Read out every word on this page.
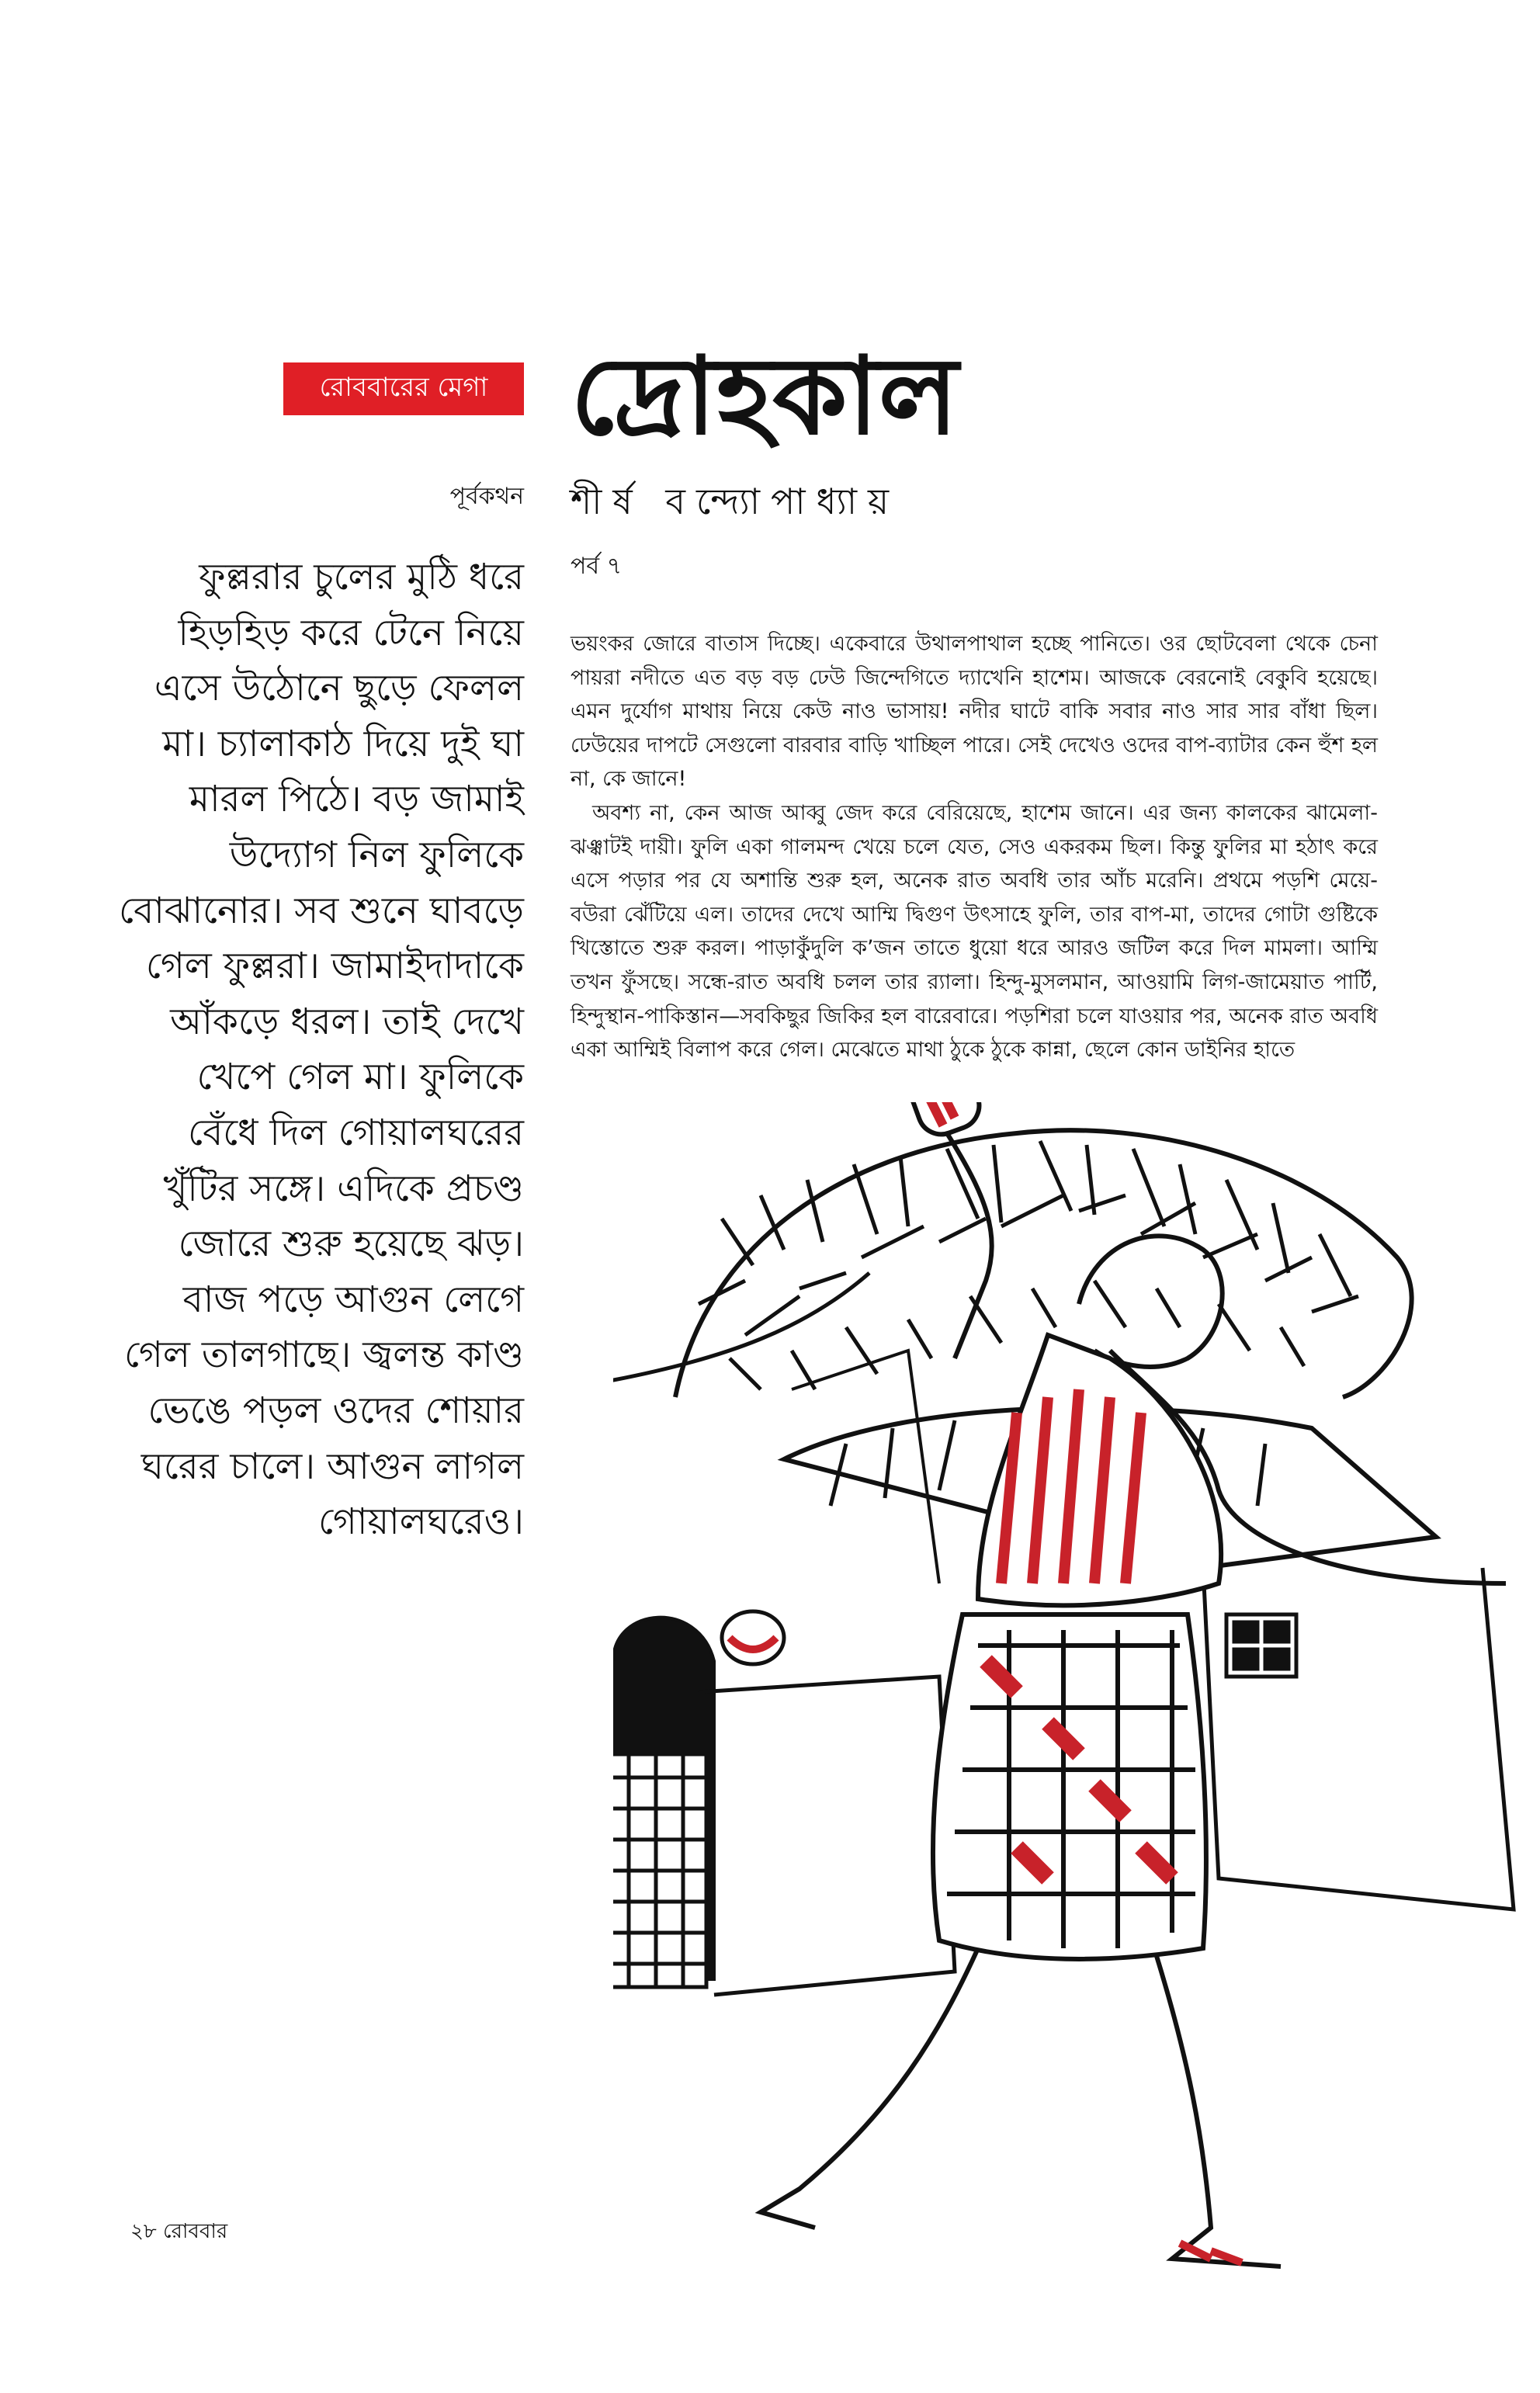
রোববারের মেগা দ্রোহকাল
শীর্ষ বন্দ্যোপাধ্যায়
পর্ব ৭
পূর্বকথন

ফুল্লরার চুলের মুঠি ধরে হিড়হিড় করে টেনে নিয়ে এসে উঠোনে ছুড়ে ফেলল মা। চ্যালাকাঠ দিয়ে দুই ঘা মারল পিঠে। বড় জামাই উদ্যোগ নিল ফুলিকে বোঝানোর। সব শুনে ঘাবড়ে গেল ফুল্লরা। জামাইদাদাকে আঁকড়ে ধরল। তাই দেখে খেপে গেল মা। ফুলিকে বেঁধে দিল গোয়ালঘরের খুঁটির সঙ্গে। এদিকে প্রচণ্ড জোরে শুরু হয়েছে ঝড়। বাজ পড়ে আগুন লেগে গেল তালগাছে। জ্বলন্ত কাণ্ড ভেঙে পড়ল ওদের শোয়ার ঘরের চালে। আগুন লাগল গোয়ালঘরেও।

ভয়ংকর জোরে বাতাস দিচ্ছে। একেবারে উথালপাথাল হচ্ছে পানিতে। ওর ছোটবেলা থেকে চেনা পায়রা নদীতে এত বড় বড় ঢেউ জিন্দেগিতে দ্যাখেনি হাশেম। আজকে বেরনোই বেকুবি হয়েছে। এমন দুর্যোগ মাথায় নিয়ে কেউ নাও ভাসায়! নদীর ঘাটে বাকি সবার নাও সার সার বাঁধা ছিল। ঢেউয়ের দাপটে সেগুলো বারবার বাড়ি খাচ্ছিল পারে। সেই দেখেও ওদের বাপ-ব্যাটার কেন হুঁশ হল না, কে জানে!

অবশ্য না, কেন আজ আব্বু জেদ করে বেরিয়েছে, হাশেম জানে। এর জন্য কালকের ঝামেলা-ঝঞ্ঝাটই দায়ী। ফুলি একা গালমন্দ খেয়ে চলে যেত, সেও একরকম ছিল। কিন্তু ফুলির মা হঠাৎ করে এসে পড়ার পর যে অশান্তি শুরু হল, অনেক রাত অবধি তার আঁচ মরেনি। প্রথমে পড়শি মেয়ে-বউরা ঝেঁটিয়ে এল। তাদের দেখে আম্মি দ্বিগুণ উৎসাহে ফুলি, তার বাপ-মা, তাদের গোটা গুষ্টিকে খিস্তোতে শুরু করল। পাড়াকুঁদুলি ক’জন তাতে ধুয়ো ধরে আরও জটিল করে দিল মামলা। আম্মি তখন ফুঁসছে। সন্ধে-রাত অবধি চলল তার র‌্যালা। হিন্দু-মুসলমান, আওয়ামি লিগ-জামেয়াত পার্টি, হিন্দুস্থান-পাকিস্তান—সবকিছুর জিকির হল বারেবারে। পড়শিরা চলে যাওয়ার পর, অনেক রাত অবধি একা আম্মিই বিলাপ করে গেল। মেঝেতে মাথা ঠুকে ঠুকে কান্না, ছেলে কোন ডাইনির হাতে

২৮ রোববার
